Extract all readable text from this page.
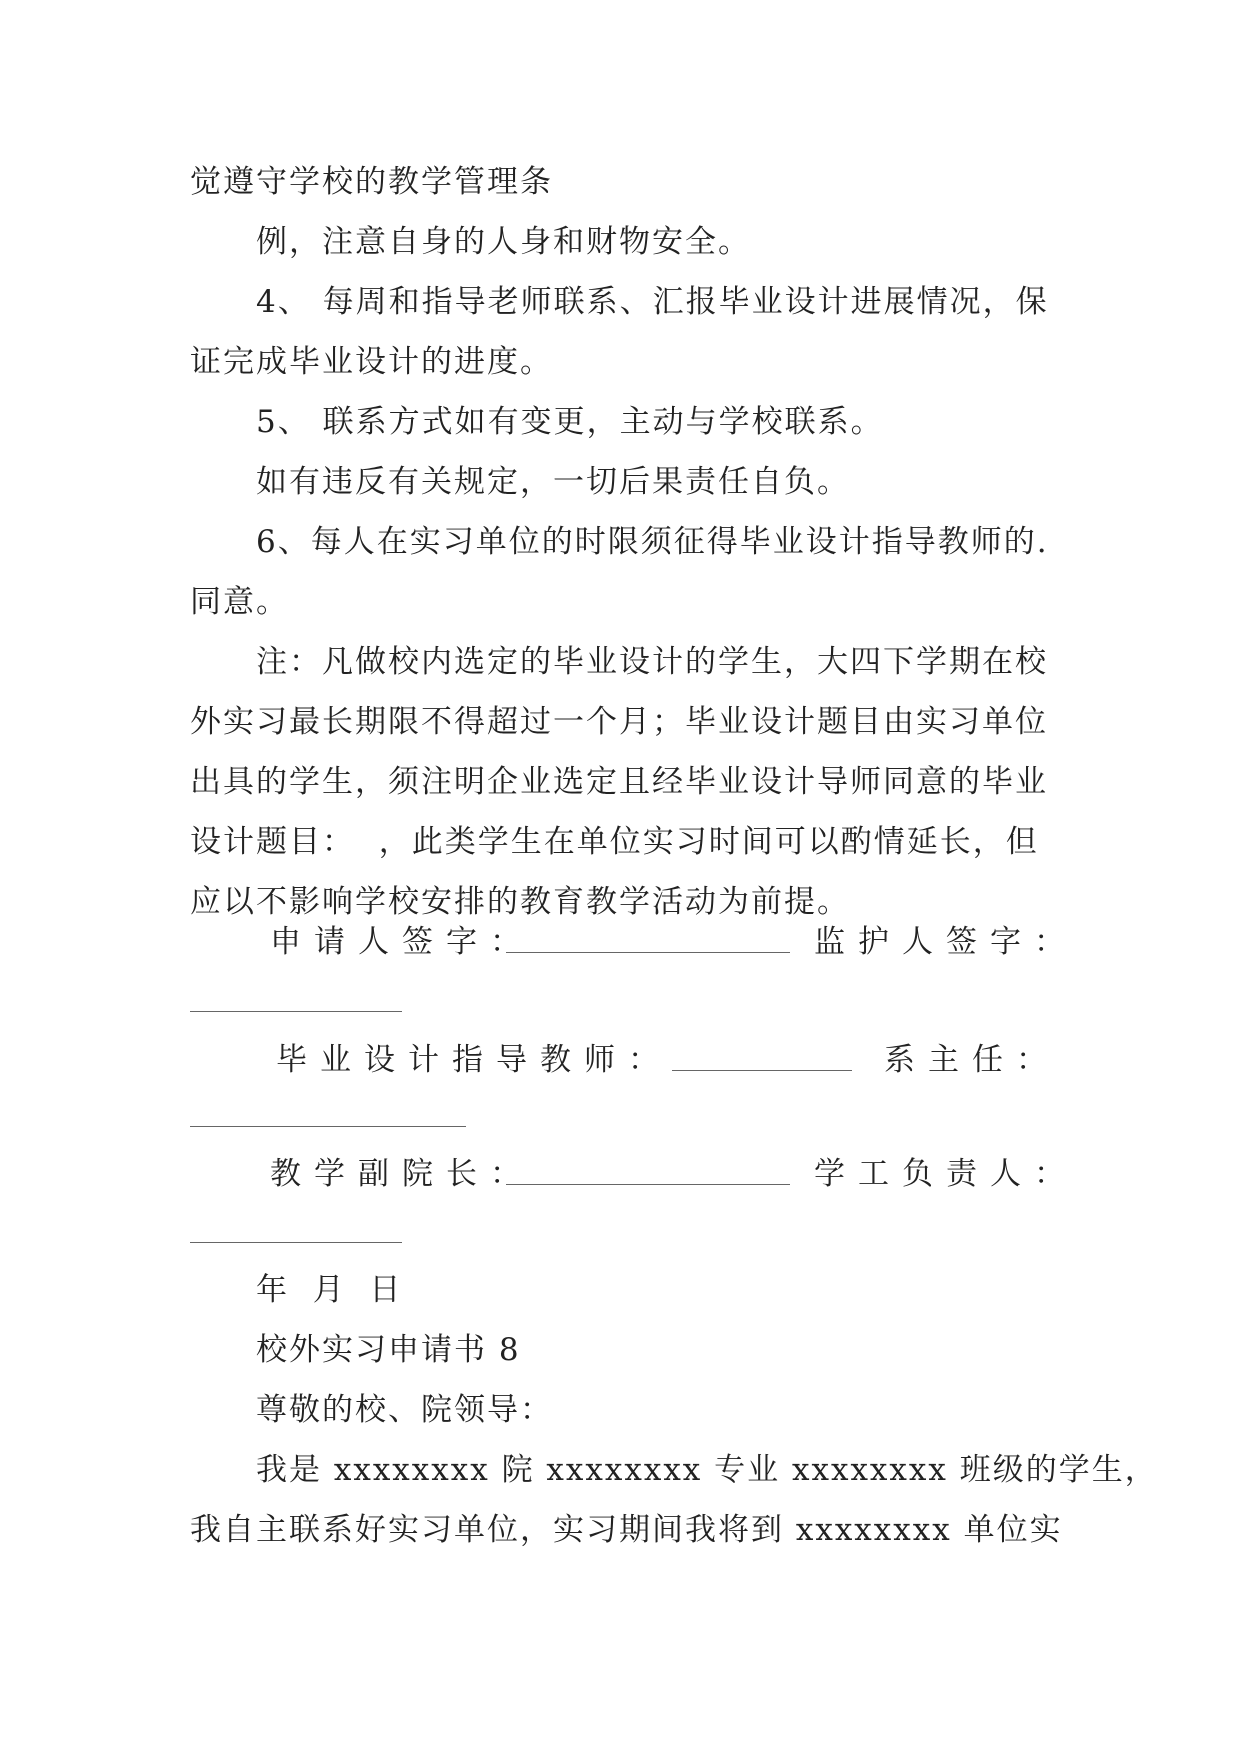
觉遵守学校的教学管理条
例，注意自身的人身和财物安全。
4、 每周和指导老师联系、汇报毕业设计进展情况，保
证完成毕业设计的进度。
5、 联系方式如有变更，主动与学校联系。
如有违反有关规定，一切后果责任自负。
6、每人在实习单位的时限须征得毕业设计指导教师的.
同意。
注：凡做校内选定的毕业设计的学生，大四下学期在校
外实习最长期限不得超过一个月；毕业设计题目由实习单位
出具的学生，须注明企业选定且经毕业设计导师同意的毕业
设计题目：  ，此类学生在单位实习时间可以酌情延长，但
应以不影响学校安排的教育教学活动为前提。
申请人签字：	监护人签字：
毕业设计指导教师：	系主任：
教学副院长：	学工负责人：
年  月  日
校外实习申请书 8
尊敬的校、院领导：
我是 xxxxxxxx 院 xxxxxxxx 专业 xxxxxxxx 班级的学生，
我自主联系好实习单位，实习期间我将到 xxxxxxxx 单位实
